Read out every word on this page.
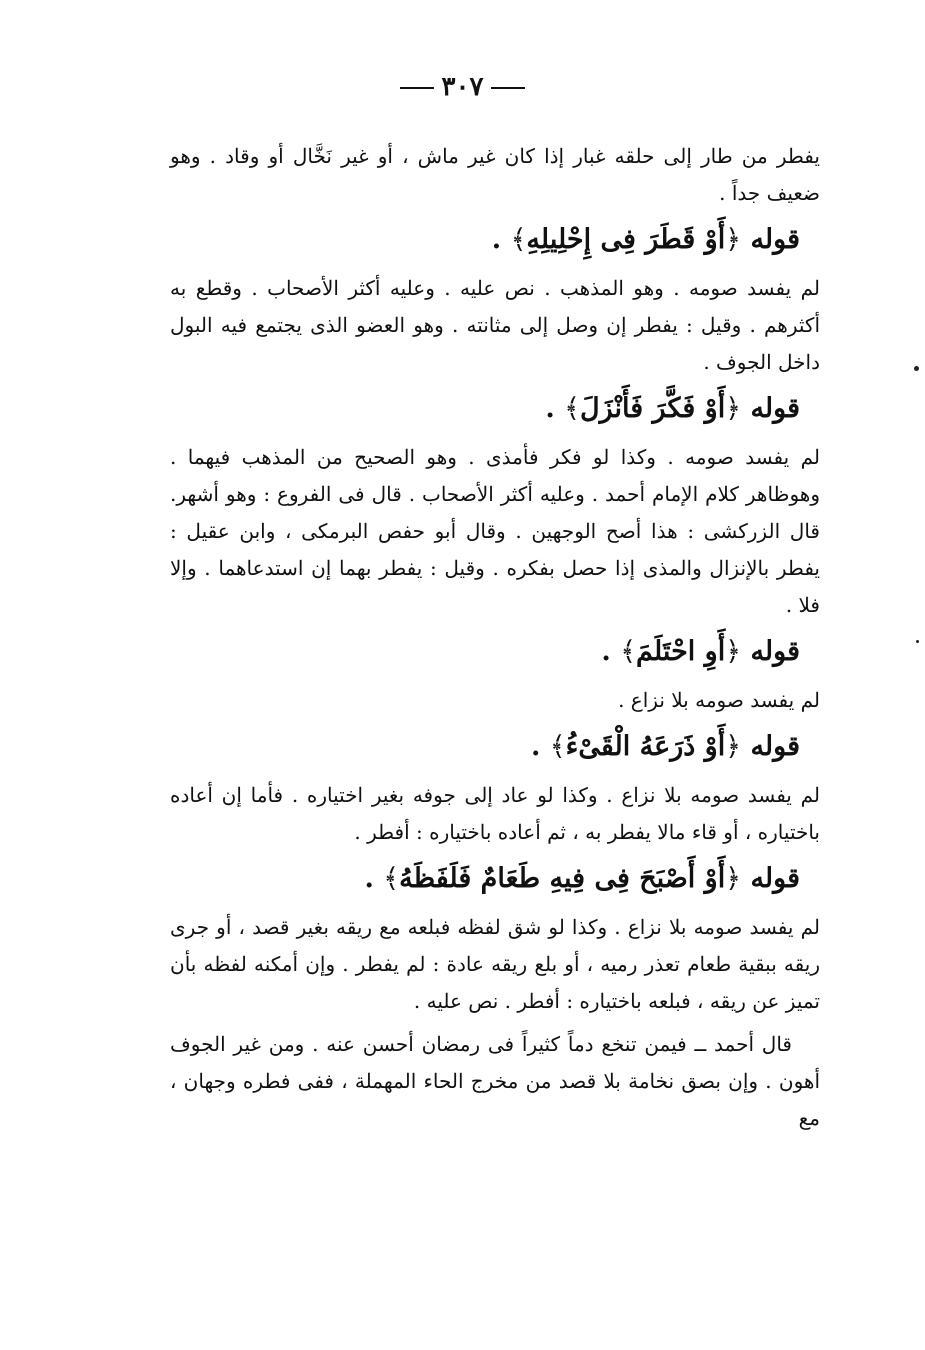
٣٠٧

يفطر من طار إلى حلقه غبار إذا كان غير ماش ، أو غير نَخَّال أو وقاد . وهو ضعيف جداً .

قوله ﴿أَوْ قَطَرَ فِى إِحْلِيلِهِ﴾ .

لم يفسد صومه . وهو المذهب . نص عليه . وعليه أكثر الأصحاب . وقطع به أكثرهم . وقيل : يفطر إن وصل إلى مثانته . وهو العضو الذى يجتمع فيه البول داخل الجوف .

قوله ﴿أَوْ فَكَّرَ فَأَنْزَلَ﴾ .

لم يفسد صومه . وكذا لو فكر فأمذى . وهو الصحيح من المذهب فيهما . وهوظاهر كلام الإمام أحمد . وعليه أكثر الأصحاب . قال فى الفروع : وهو أشهر. قال الزركشى : هذا أصح الوجهين . وقال أبو حفص البرمكى ، وابن عقيل : يفطر بالإنزال والمذى إذا حصل بفكره . وقيل : يفطر بهما إن استدعاهما . وإلا فلا .

قوله ﴿أَوِ احْتَلَمَ﴾ .

لم يفسد صومه بلا نزاع .

قوله ﴿أَوْ ذَرَعَهُ الْقَىْءُ﴾ .

لم يفسد صومه بلا نزاع . وكذا لو عاد إلى جوفه بغير اختياره . فأما إن أعاده باختياره ، أو قاء مالا يفطر به ، ثم أعاده باختياره : أفطر .

قوله ﴿أَوْ أَصْبَحَ فِى فِيهِ طَعَامٌ فَلَفَظَهُ﴾ .

لم يفسد صومه بلا نزاع . وكذا لو شق لفظه فبلعه مع ريقه بغير قصد ، أو جرى ريقه ببقية طعام تعذر رميه ، أو بلع ريقه عادة : لم يفطر . وإن أمكنه لفظه بأن تميز عن ريقه ، فبلعه باختياره : أفطر . نص عليه .

قال أحمد ــ فيمن تنخع دماً كثيراً فى رمضان أحسن عنه . ومن غير الجوف أهون . وإن بصق نخامة بلا قصد من مخرج الحاء المهملة ، ففى فطره وجهان ، مع
